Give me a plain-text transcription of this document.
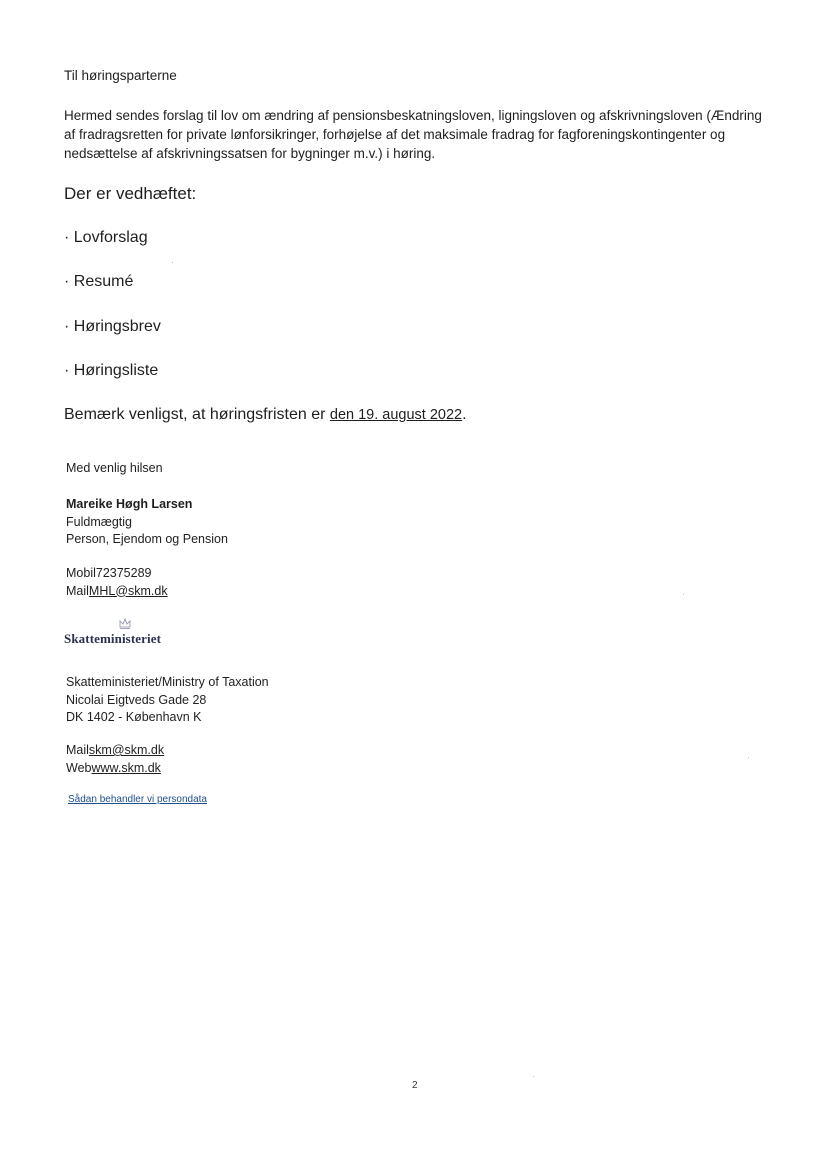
Til høringsparterne
Hermed sendes forslag til lov om ændring af pensionsbeskatningsloven, ligningsloven og afskrivningsloven (Ændring af fradragsretten for private lønforsikringer, forhøjelse af det maksimale fradrag for fagforeningskontingenter og nedsættelse af afskrivningssatsen for bygninger m.v.) i høring.
Der er vedhæftet:
· Lovforslag
· Resumé
· Høringsbrev
· Høringsliste
Bemærk venligst, at høringsfristen er den 19. august 2022.
Med venlig hilsen
Mareike Høgh Larsen
Fuldmægtig
Person, Ejendom og Pension
Mobil72375289
MailMHL@skm.dk
Skatteministeriet
Skatteministeriet/Ministry of Taxation
Nicolai Eigtveds Gade 28
DK 1402 - København K
Mailskm@skm.dk
Webwww.skm.dk
Sådan behandler vi persondata
2
